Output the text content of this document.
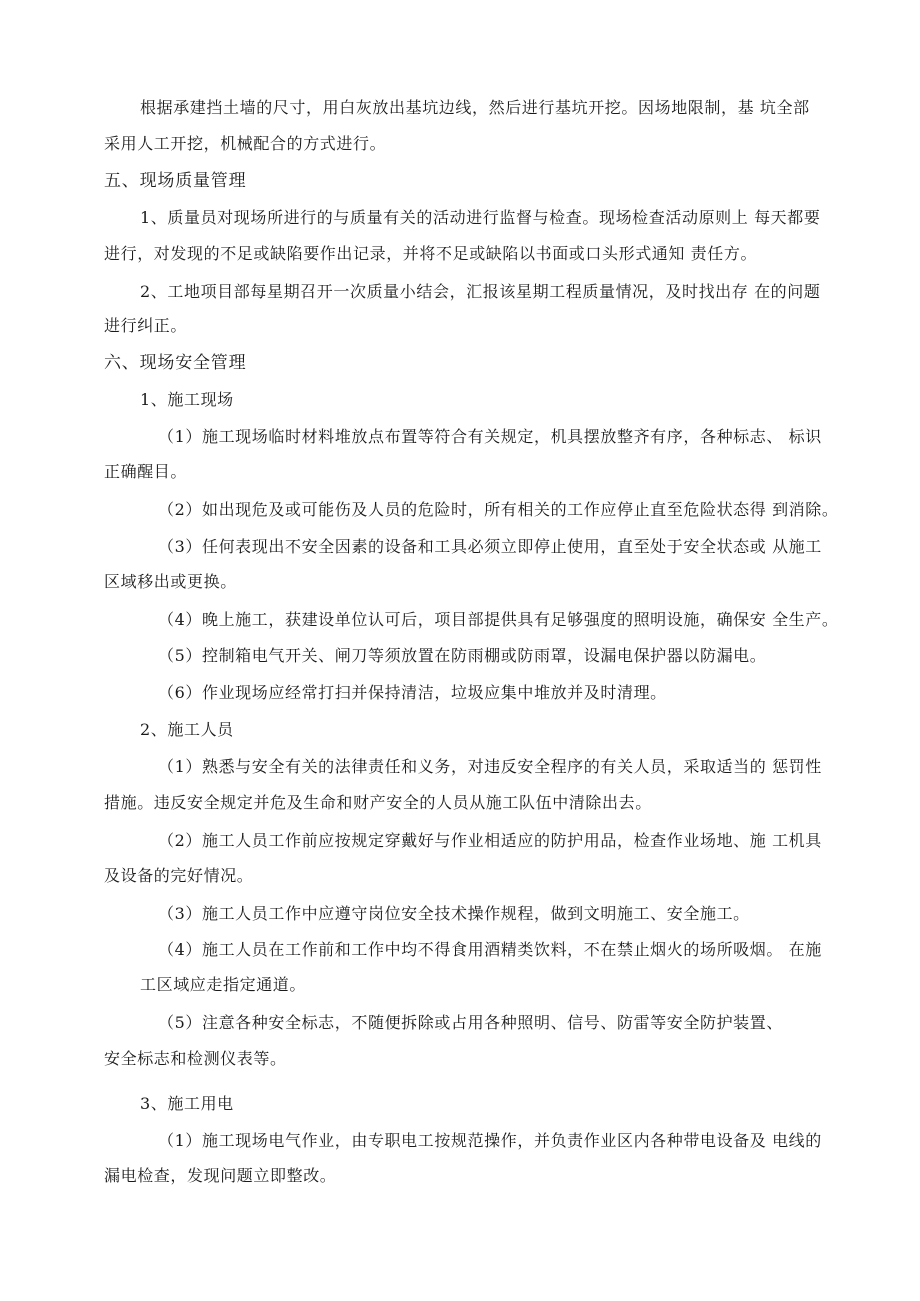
根据承建挡土墙的尺寸，用白灰放出基坑边线，然后进行基坑开挖。因场地限制，基 坑全部
采用人工开挖，机械配合的方式进行。
五、现场质量管理
1、质量员对现场所进行的与质量有关的活动进行监督与检查。现场检查活动原则上 每天都要
进行，对发现的不足或缺陷要作出记录，并将不足或缺陷以书面或口头形式通知 责任方。
2、工地项目部每星期召开一次质量小结会，汇报该星期工程质量情况，及时找出存 在的问题
进行纠正。
六、现场安全管理
1、施工现场
（1）施工现场临时材料堆放点布置等符合有关规定，机具摆放整齐有序，各种标志、 标识
正确醒目。
（2）如出现危及或可能伤及人员的危险时，所有相关的工作应停止直至危险状态得 到消除。
（3）任何表现出不安全因素的设备和工具必须立即停止使用，直至处于安全状态或 从施工
区域移出或更换。
（4）晚上施工，获建设单位认可后，项目部提供具有足够强度的照明设施，确保安 全生产。
（5）控制箱电气开关、闸刀等须放置在防雨棚或防雨罩，设漏电保护器以防漏电。
（6）作业现场应经常打扫并保持清洁，垃圾应集中堆放并及时清理。
2、施工人员
（1）熟悉与安全有关的法律责任和义务，对违反安全程序的有关人员，采取适当的 惩罚性
措施。违反安全规定并危及生命和财产安全的人员从施工队伍中清除出去。
（2）施工人员工作前应按规定穿戴好与作业相适应的防护用品，检查作业场地、施 工机具
及设备的完好情况。
（3）施工人员工作中应遵守岗位安全技术操作规程，做到文明施工、安全施工。
（4）施工人员在工作前和工作中均不得食用酒精类饮料，不在禁止烟火的场所吸烟。 在施
工区域应走指定通道。
（5）注意各种安全标志，不随便拆除或占用各种照明、信号、防雷等安全防护装置、
安全标志和检测仪表等。
3、施工用电
（1）施工现场电气作业，由专职电工按规范操作，并负责作业区内各种带电设备及 电线的
漏电检查，发现问题立即整改。
